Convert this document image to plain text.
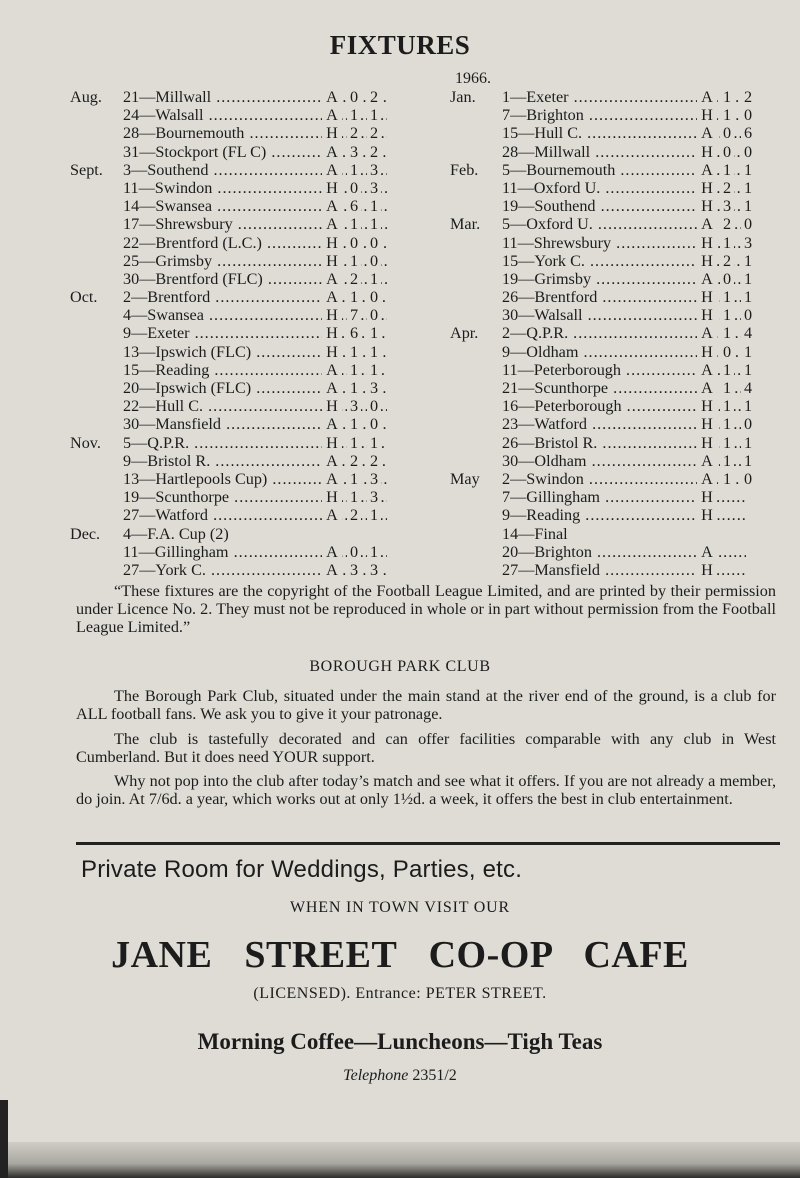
FIXTURES
1966.
Aug. 21—Millwall .....	A 0 2
24—Walsall .....	A 1 1
28—Bournemouth .....	H 2 2
31—Stockport (FL C) .....	A 3 2
Sept. 3—Southend .....	A 1 3
11—Swindon .....	H 0 3
14—Swansea .....	A 6 1
17—Shrewsbury .....	A 1 1
22—Brentford (L.C.) .....	H 0 0
25—Grimsby .....	H 1 0
30—Brentford (FLC) .....	A 2 1
Oct. 2—Brentford .....	A 1 0
4—Swansea .....	H 7 0
9—Exeter .....	H 6 1
13—Ipswich (FLC) .....	H 1 1
15—Reading .....	A 1 1
20—Ipswich (FLC) .....	A 1 3
22—Hull C. .....	H 3 0
30—Mansfield .....	A 1 0
Nov. 5—Q.P.R. .....	H 1 1
9—Bristol R. .....	A 2 2
13—Hartlepools Cup) .....	A 1 3
19—Scunthorpe .....	H 1 3
27—Watford .....	A 2 1
Dec. 4—F.A. Cup (2)
11—Gillingham .....	A 0 1
27—York C. .....	A 3 3
Jan. 1—Exeter .....	A 1 2
7—Brighton .....	H 1 0
15—Hull C. .....	A 0 6
28—Millwall .....	H 0 0
Feb. 5—Bournemouth .....	A 1 1
11—Oxford U. .....	H 2 1
19—Southend .....	H 3 1
Mar. 5—Oxford U. .....	A 2 0
11—Shrewsbury .....	H 1 3
15—York C. .....	H 2 1
19—Grimsby .....	A 0 1
26—Brentford .....	H 1 1
30—Walsall .....	H 1 0
Apr. 2—Q.P.R. .....	A 1 4
9—Oldham .....	H 0 1
11—Peterborough .....	A 1 1
21—Scunthorpe .....	A 1 4
16—Peterborough .....	H 1 1
23—Watford .....	H 1 0
26—Bristol R. .....	H 1 1
30—Oldham .....	A 1 1
May 2—Swindon .....	A 1 0
7—Gillingham .....	H
9—Reading .....	H
14—Final
20—Brighton .....	A
27—Mansfield .....	H

“These fixtures are the copyright of the Football League Limited, and are printed by their permission under Licence No. 2. They must not be reproduced in whole or in part without permission from the Football League Limited.”

BOROUGH PARK CLUB

The Borough Park Club, situated under the main stand at the river end of the ground, is a club for ALL football fans. We ask you to give it your patronage.

The club is tastefully decorated and can offer facilities comparable with any club in West Cumberland. But it does need YOUR support.

Why not pop into the club after today’s match and see what it offers. If you are not already a member, do join. At 7/6d. a year, which works out at only 1½d. a week, it offers the best in club entertainment.

Private Room for Weddings, Parties, etc.

WHEN IN TOWN VISIT OUR
JANE STREET CO-OP CAFE
(LICENSED). Entrance: PETER STREET.
Morning Coffee—Luncheons—Tigh Teas
Telephone 2351/2
